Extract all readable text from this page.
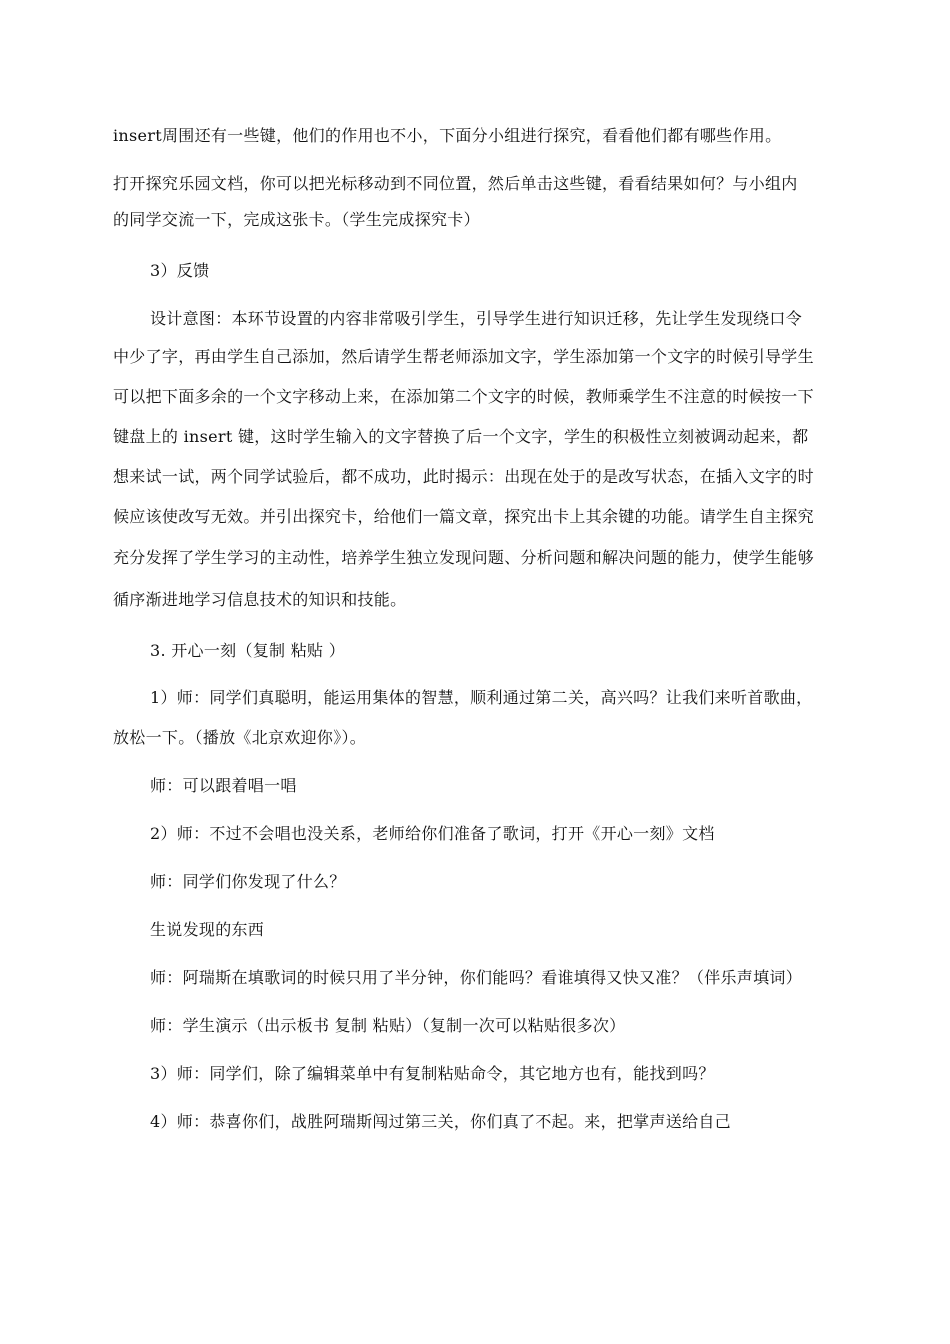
insert周围还有一些键，他们的作用也不小，下面分小组进行探究，看看他们都有哪些作用。
打开探究乐园文档，你可以把光标移动到不同位置，然后单击这些键，看看结果如何？与小组内
的同学交流一下，完成这张卡。（学生完成探究卡）
3）反馈
设计意图：本环节设置的内容非常吸引学生，引导学生进行知识迁移，先让学生发现绕口令
中少了字，再由学生自己添加，然后请学生帮老师添加文字，学生添加第一个文字的时候引导学生
可以把下面多余的一个文字移动上来，在添加第二个文字的时候，教师乘学生不注意的时候按一下
键盘上的 insert 键，这时学生输入的文字替换了后一个文字，学生的积极性立刻被调动起来，都
想来试一试，两个同学试验后，都不成功，此时揭示：出现在处于的是改写状态，在插入文字的时
候应该使改写无效。并引出探究卡，给他们一篇文章，探究出卡上其余键的功能。请学生自主探究
充分发挥了学生学习的主动性，培养学生独立发现问题、分析问题和解决问题的能力，使学生能够
循序渐进地学习信息技术的知识和技能。
3. 开心一刻（复制 粘贴 ）
1）师：同学们真聪明，能运用集体的智慧，顺利通过第二关，高兴吗？让我们来听首歌曲，
放松一下。（播放《北京欢迎你》）。
师：可以跟着唱一唱
2）师：不过不会唱也没关系，老师给你们准备了歌词，打开《开心一刻》文档
师：同学们你发现了什么？
生说发现的东西
师：阿瑞斯在填歌词的时候只用了半分钟，你们能吗？看谁填得又快又准？（伴乐声填词）
师：学生演示（出示板书 复制 粘贴）（复制一次可以粘贴很多次）
3）师：同学们，除了编辑菜单中有复制粘贴命令，其它地方也有，能找到吗？
4）师：恭喜你们，战胜阿瑞斯闯过第三关，你们真了不起。来，把掌声送给自己
